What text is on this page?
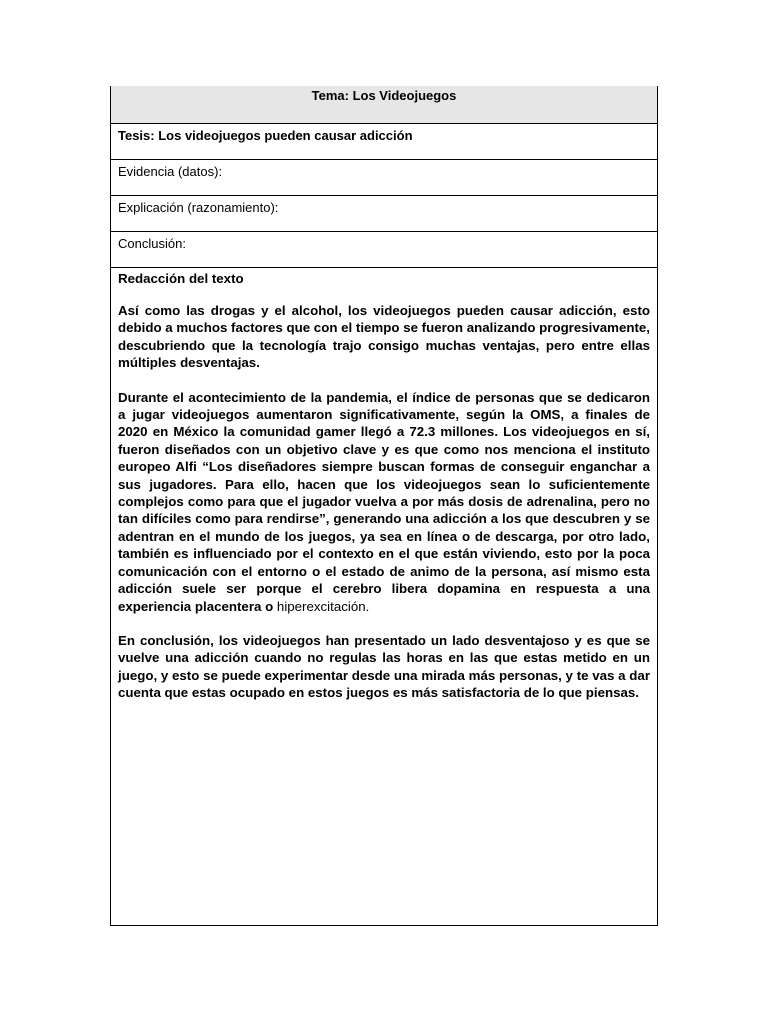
Tema: Los Videojuegos
Tesis: Los videojuegos pueden causar adicción
Evidencia (datos):
Explicación (razonamiento):
Conclusión:

Redacción del texto

Así como las drogas y el alcohol, los videojuegos pueden causar adicción, esto debido a muchos factores que con el tiempo se fueron analizando progresivamente, descubriendo que la tecnología trajo consigo muchas ventajas, pero entre ellas múltiples desventajas.

Durante el acontecimiento de la pandemia, el índice de personas que se dedicaron a jugar videojuegos aumentaron significativamente, según la OMS, a finales de 2020 en México la comunidad gamer llegó a 72.3 millones. Los videojuegos en sí, fueron diseñados con un objetivo clave y es que como nos menciona el instituto europeo Alfi “Los diseñadores siempre buscan formas de conseguir enganchar a sus jugadores. Para ello, hacen que los videojuegos sean lo suficientemente complejos como para que el jugador vuelva a por más dosis de adrenalina, pero no tan difíciles como para rendirse”, generando una adicción a los que descubren y se adentran en el mundo de los juegos, ya sea en línea o de descarga, por otro lado, también es influenciado por el contexto en el que están viviendo, esto por la poca comunicación con el entorno o el estado de animo de la persona, así mismo esta adicción suele ser porque el cerebro libera dopamina en respuesta a una experiencia placentera o hiperexcitación.

En conclusión, los videojuegos han presentado un lado desventajoso y es que se vuelve una adicción cuando no regulas las horas en las que estas metido en un juego, y esto se puede experimentar desde una mirada más personas, y te vas a dar cuenta que estas ocupado en estos juegos es más satisfactoria de lo que piensas.
